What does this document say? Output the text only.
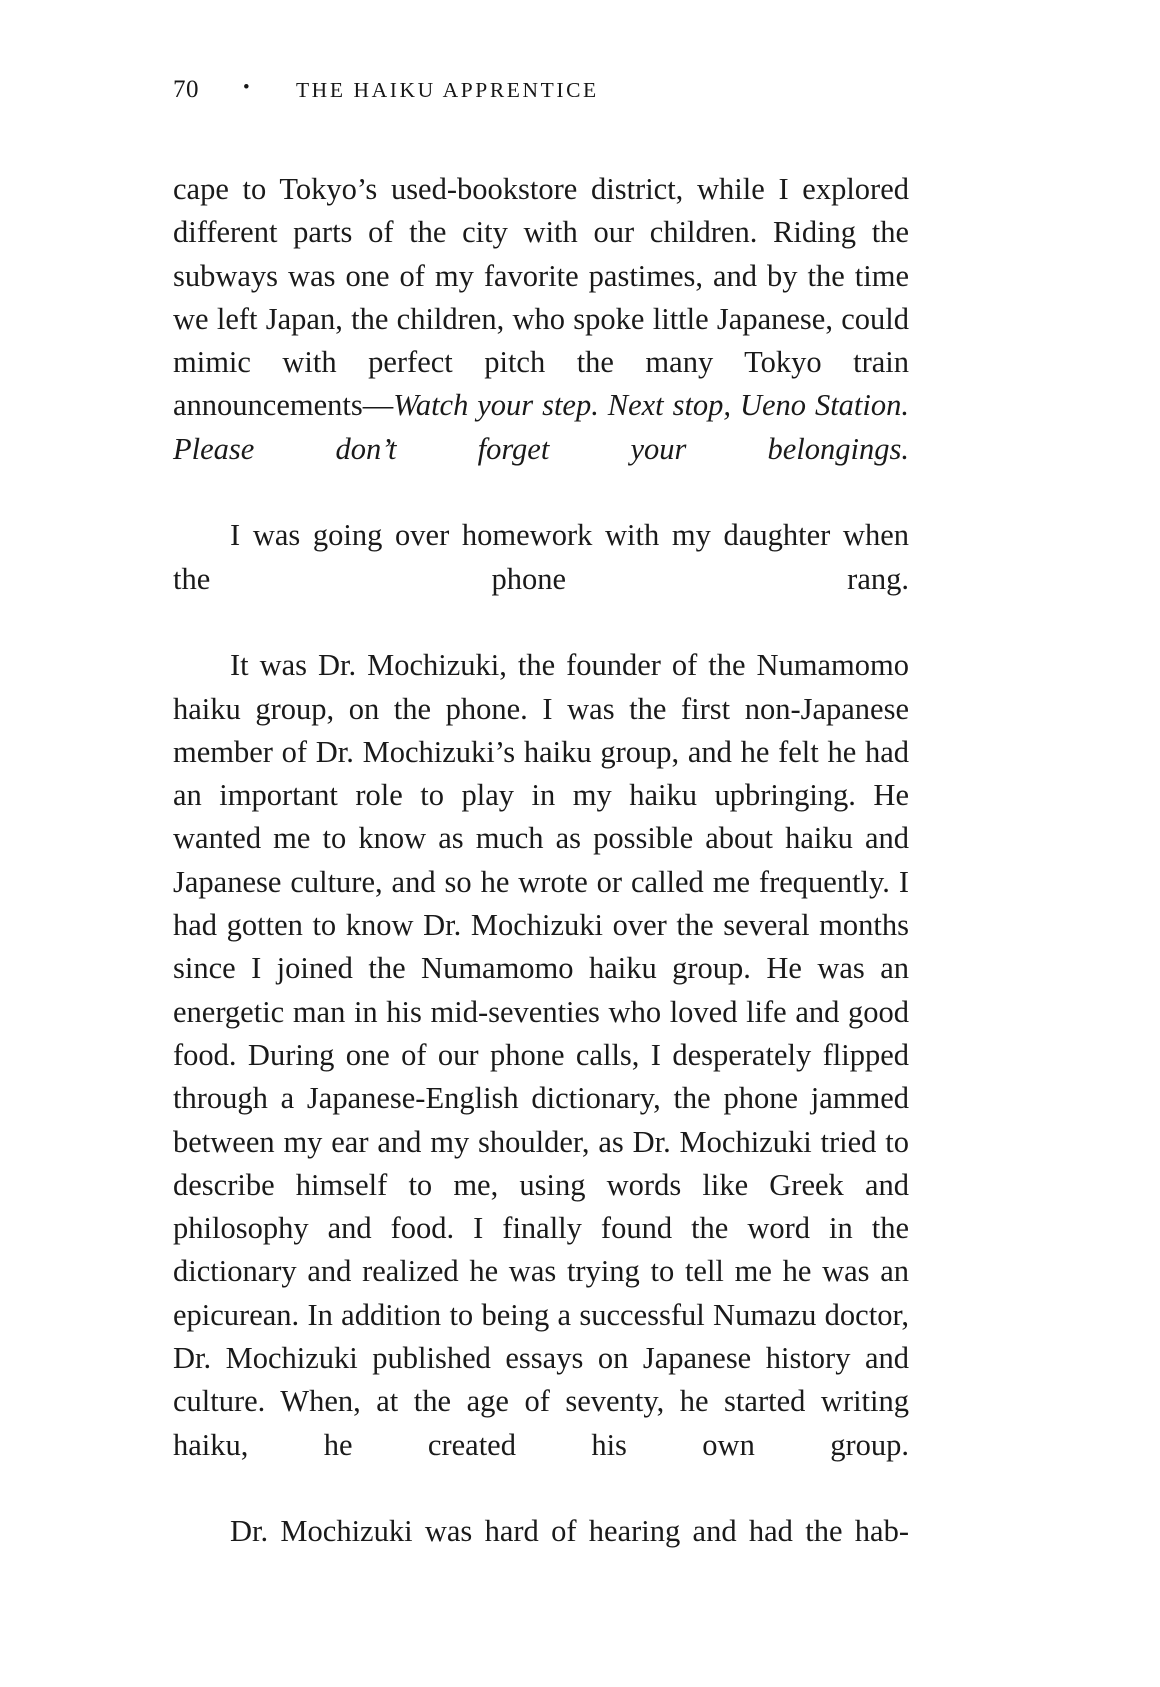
70 • THE HAIKU APPRENTICE

cape to Tokyo’s used-bookstore district, while I explored different parts of the city with our children. Riding the subways was one of my favorite pastimes, and by the time we left Japan, the children, who spoke little Japanese, could mimic with perfect pitch the many Tokyo train announcements—Watch your step. Next stop, Ueno Station. Please don’t forget your belongings.

I was going over homework with my daughter when the phone rang.

It was Dr. Mochizuki, the founder of the Numamomo haiku group, on the phone. I was the first non-Japanese member of Dr. Mochizuki’s haiku group, and he felt he had an important role to play in my haiku upbringing. He wanted me to know as much as possible about haiku and Japanese culture, and so he wrote or called me frequently. I had gotten to know Dr. Mochizuki over the several months since I joined the Numamomo haiku group. He was an energetic man in his mid-seventies who loved life and good food. During one of our phone calls, I desperately flipped through a Japanese-English dictionary, the phone jammed between my ear and my shoulder, as Dr. Mochizuki tried to describe himself to me, using words like Greek and philosophy and food. I finally found the word in the dictionary and realized he was trying to tell me he was an epicurean. In addition to being a successful Numazu doctor, Dr. Mochizuki published essays on Japanese history and culture. When, at the age of seventy, he started writing haiku, he created his own group.

Dr. Mochizuki was hard of hearing and had the hab-
